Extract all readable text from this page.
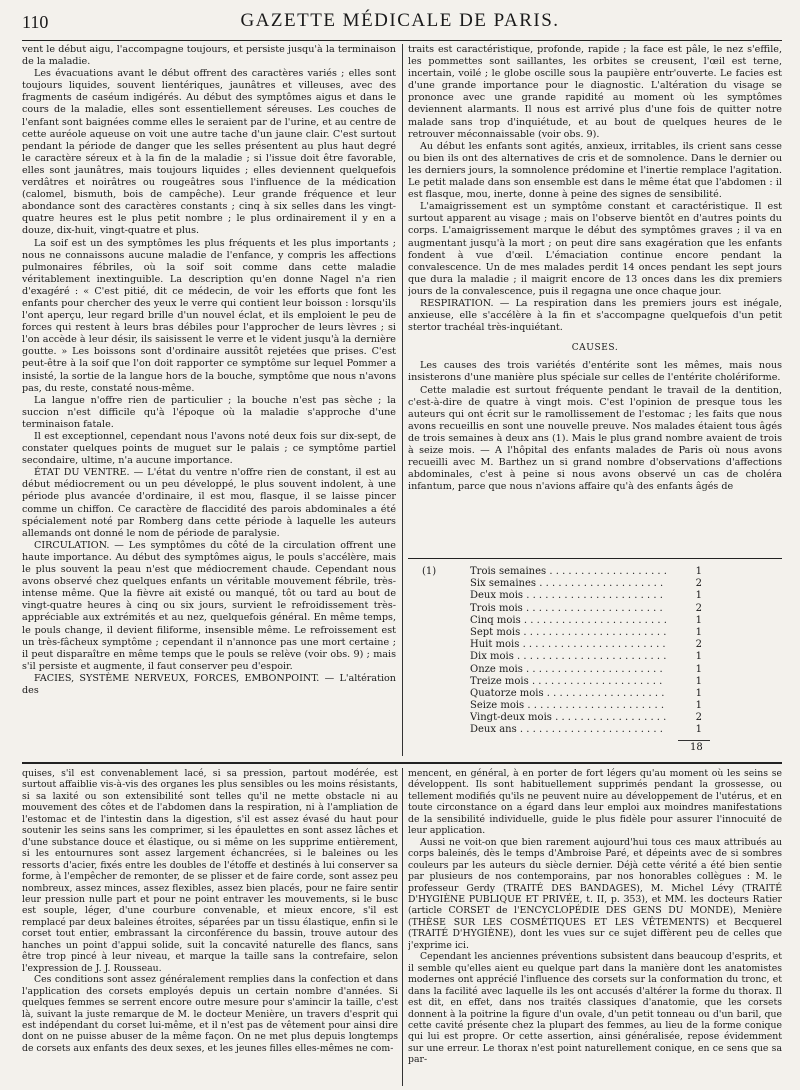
110	GAZETTE MÉDICALE DE PARIS.

vent le début aigu, l'accompagne toujours, et persiste jusqu'à la terminaison de la maladie.

Les évacuations avant le début offrent des caractères variés ; elles sont toujours liquides, souvent lientériques, jaunâtres et villeuses, avec des fragments de caséum indigérés. Au début des symptômes aigus et dans le cours de la maladie, elles sont essentiellement séreuses. Les couches de l'enfant sont baignées comme elles le seraient par de l'urine, et au centre de cette auréole aqueuse on voit une autre tache d'un jaune clair. C'est surtout pendant la période de danger que les selles présentent au plus haut degré le caractère séreux et à la fin de la maladie ; si l'issue doit être favorable, elles sont jaunâtres, mais toujours liquides ; elles deviennent quelquefois verdâtres et noirâtres ou rougeâtres sous l'influence de la médication (calomel, bismuth, bois de campêche). Leur grande fréquence et leur abondance sont des caractères constants ; cinq à six selles dans les vingt-quatre heures est le plus petit nombre ; le plus ordinairement il y en a douze, dix-huit, vingt-quatre et plus.

La soif est un des symptômes les plus fréquents et les plus importants ; nous ne connaissons aucune maladie de l'enfance, y compris les affections pulmonaires fébriles, où la soif soit comme dans cette maladie véritablement inextinguible. La description qu'en donne Nagel n'a rien d'exagéré : « C'est pitié, dit ce médecin, de voir les efforts que font les enfants pour chercher des yeux le verre qui contient leur boisson : lorsqu'ils l'ont aperçu, leur regard brille d'un nouvel éclat, et ils emploient le peu de forces qui restent à leurs bras débiles pour l'approcher de leurs lèvres ; si l'on accède à leur désir, ils saisissent le verre et le vident jusqu'à la dernière goutte. » Les boissons sont d'ordinaire aussitôt rejetées que prises. C'est peut-être à la soif que l'on doit rapporter ce symptôme sur lequel Pommer a insisté, la sortie de la langue hors de la bouche, symptôme que nous n'avons pas, du reste, constaté nous-même.

La langue n'offre rien de particulier ; la bouche n'est pas sèche ; la succion n'est difficile qu'à l'époque où la maladie s'approche d'une terminaison fatale.

Il est exceptionnel, cependant nous l'avons noté deux fois sur dix-sept, de constater quelques points de muguet sur le palais ; ce symptôme partiel secondaire, ultime, n'a aucune importance.

ÉTAT DU VENTRE. — L'état du ventre n'offre rien de constant, il est au début médiocrement ou un peu développé, le plus souvent indolent, à une période plus avancée d'ordinaire, il est mou, flasque, il se laisse pincer comme un chiffon. Ce caractère de flaccidité des parois abdominales a été spécialement noté par Romberg dans cette période à laquelle les auteurs allemands ont donné le nom de période de paralysie.

CIRCULATION. — Les symptômes du côté de la circulation offrent une haute importance. Au début des symptômes aigus, le pouls s'accélère, mais le plus souvent la peau n'est que médiocrement chaude. Cependant nous avons observé chez quelques enfants un véritable mouvement fébrile, très-intense même. Que la fièvre ait existé ou manqué, tôt ou tard au bout de vingt-quatre heures à cinq ou six jours, survient le refroidissement très-appréciable aux extrémités et au nez, quelquefois général. En même temps, le pouls change, il devient filiforme, insensible même. Le refroissement est un très-fâcheux symptôme ; cependant il n'annonce pas une mort certaine ; il peut disparaître en même temps que le pouls se relève (voir obs. 9) ; mais s'il persiste et augmente, il faut conserver peu d'espoir.

FACIES, SYSTÈME NERVEUX, FORCES, EMBONPOINT. — L'altération des

traits est caractéristique, profonde, rapide ; la face est pâle, le nez s'effile, les pommettes sont saillantes, les orbites se creusent, l'œil est terne, incertain, voilé ; le globe oscille sous la paupière entr'ouverte. Le facies est d'une grande importance pour le diagnostic. L'altération du visage se prononce avec une grande rapidité au moment où les symptômes deviennent alarmants. Il nous est arrivé plus d'une fois de quitter notre malade sans trop d'inquiétude, et au bout de quelques heures de le retrouver méconnaissable (voir obs. 9).

Au début les enfants sont agités, anxieux, irritables, ils crient sans cesse ou bien ils ont des alternatives de cris et de somnolence. Dans le dernier ou les derniers jours, la somnolence prédomine et l'inertie remplace l'agitation. Le petit malade dans son ensemble est dans le même état que l'abdomen : il est flasque, mou, inerte, donne à peine des signes de sensibilité.

L'amaigrissement est un symptôme constant et caractéristique. Il est surtout apparent au visage ; mais on l'observe bientôt en d'autres points du corps. L'amaigrissement marque le début des symptômes graves ; il va en augmentant jusqu'à la mort ; on peut dire sans exagération que les enfants fondent à vue d'œil. L'émaciation continue encore pendant la convalescence. Un de mes malades perdit 14 onces pendant les sept jours que dura la maladie ; il maigrit encore de 13 onces dans les dix premiers jours de la convalescence, puis il regagna une once chaque jour.

RESPIRATION. — La respiration dans les premiers jours est inégale, anxieuse, elle s'accélère à la fin et s'accompagne quelquefois d'un petit stertor trachéal très-inquiétant.

CAUSES.

Les causes des trois variétés d'entérite sont les mêmes, mais nous insisterons d'une manière plus spéciale sur celles de l'entérite cholériforme.

Cette maladie est surtout fréquente pendant le travail de la dentition, c'est-à-dire de quatre à vingt mois. C'est l'opinion de presque tous les auteurs qui ont écrit sur le ramollissement de l'estomac ; les faits que nous avons recueillis en sont une nouvelle preuve. Nos malades étaient tous âgés de trois semaines à deux ans (1). Mais le plus grand nombre avaient de trois à seize mois. — A l'hôpital des enfants malades de Paris où nous avons recueilli avec M. Barthez un si grand nombre d'observations d'affections abdominales, c'est à peine si nous avons observé un cas de choléra infantum, parce que nous n'avions affaire qu'à des enfants âgés de

(1)	Trois semaines . . .	1
Six semaines . . .	2
Deux mois . . .	1
Trois mois . . .	2
Cinq mois . . .	1
Sept mois . . .	1
Huit mois . . .	2
Dix mois . . .	1
Onze mois . . .	1
Treize mois . . .	1
Quatorze mois . . .	1
Seize mois . . .	1
Vingt-deux mois . . .	2
Deux ans . . .	1
18

quises, s'il est convenablement lacé, si sa pression, partout modérée, est surtout affaiblie vis-à-vis des organes les plus sensibles ou les moins résistants, si sa laxité ou son extensibilité sont telles qu'il ne mette obstacle ni au mouvement des côtes et de l'abdomen dans la respiration, ni à l'ampliation de l'estomac et de l'intestin dans la digestion, s'il est assez évasé du haut pour soutenir les seins sans les comprimer, si les épaulettes en sont assez lâches et d'une substance douce et élastique, ou si même on les supprime entièrement, si les entournures sont assez largement échancrées, si le baleines ou les ressorts d'acier, fixés entre les doubles de l'étoffe et destinés à lui conserver sa forme, à l'empêcher de remonter, de se plisser et de faire corde, sont assez peu nombreux, assez minces, assez flexibles, assez bien placés, pour ne faire sentir leur pression nulle part et pour ne point entraver les mouvements, si le busc est souple, léger, d'une courbure convenable, et mieux encore, s'il est remplacé par deux baleines étroites, séparées par un tissu élastique, enfin si le corset tout entier, embrassant la circonférence du bassin, trouve autour des hanches un point d'appui solide, suit la concavité naturelle des flancs, sans être trop pincé à leur niveau, et marque la taille sans la contrefaire, selon l'expression de J. J. Rousseau.

Ces conditions sont assez généralement remplies dans la confection et dans l'application des corsets employés depuis un certain nombre d'années. Si quelques femmes se serrent encore outre mesure pour s'amincir la taille, c'est là, suivant la juste remarque de M. le docteur Menière, un travers d'esprit qui est indépendant du corset lui-même, et il n'est pas de vêtement pour ainsi dire dont on ne puisse abuser de la même façon. On ne met plus depuis longtemps de corsets aux enfants des deux sexes, et les jeunes filles elles-mêmes ne com-

mencent, en général, à en porter de fort légers qu'au moment où les seins se développent. Ils sont habituellement supprimés pendant la grossesse, ou tellement modifiés qu'ils ne peuvent nuire au développement de l'utérus, et en toute circonstance on a égard dans leur emploi aux moindres manifestations de la sensibilité individuelle, guide le plus fidèle pour assurer l'innocuité de leur application.

Aussi ne voit-on que bien rarement aujourd'hui tous ces maux attribués au corps baleinés, dès le temps d'Ambroise Paré, et dépeints avec de si sombres couleurs par les auteurs du siècle dernier. Déjà cette vérité a été bien sentie par plusieurs de nos contemporains, par nos honorables collègues : M. le professeur Gerdy (TRAITÉ DES BANDAGES), M. Michel Lévy (TRAITÉ D'HYGIÈNE PUBLIQUE ET PRIVÉE, t. II, p. 353), et MM. les docteurs Ratier (article CORSET de l'ENCYCLOPÉDIE DES GENS DU MONDE), Menière (THÈSE SUR LES COSMÉTIQUES ET LES VÊTEMENTS) et Becquerel (TRAITÉ D'HYGIÈNE), dont les vues sur ce sujet diffèrent peu de celles que j'exprime ici.

Cependant les anciennes préventions subsistent dans beaucoup d'esprits, et il semble qu'elles aient eu quelque part dans la manière dont les anatomistes modernes ont apprécié l'influence des corsets sur la conformation du tronc, et dans la facilité avec laquelle ils les ont accusés d'altérer la forme du thorax. Il est dit, en effet, dans nos traités classiques d'anatomie, que les corsets donnent à la poitrine la figure d'un ovale, d'un petit tonneau ou d'un baril, que cette cavité présente chez la plupart des femmes, au lieu de la forme conique qui lui est propre. Or cette assertion, ainsi généralisée, repose évidemment sur une erreur. Le thorax n'est point naturellement conique, en ce sens que sa par-
